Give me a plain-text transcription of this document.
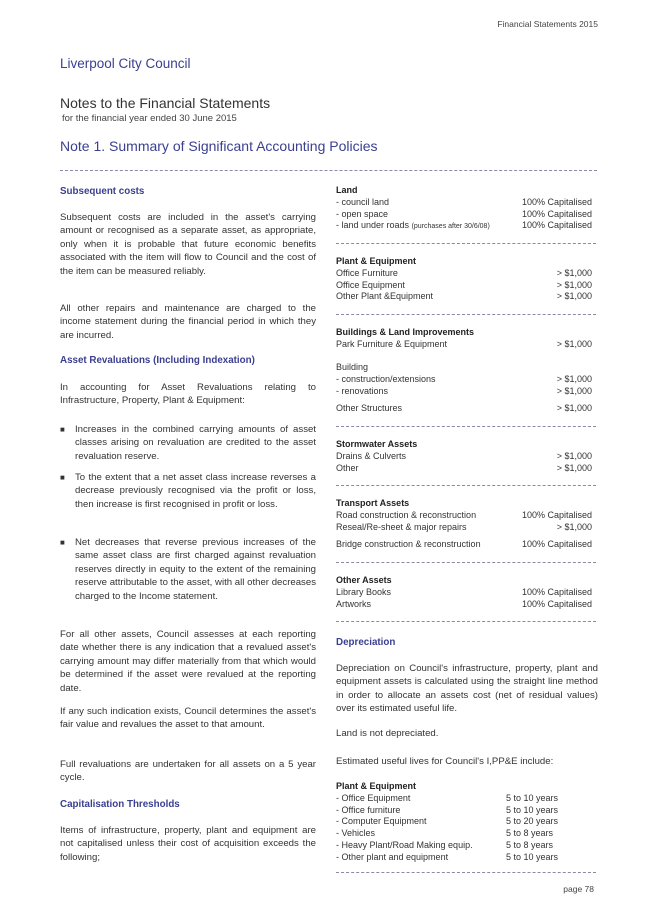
Financial Statements 2015
Liverpool City Council
Notes to the Financial Statements
for the financial year ended 30 June 2015
Note 1. Summary of Significant Accounting Policies
Subsequent costs

Subsequent costs are included in the asset's carrying amount or recognised as a separate asset, as appropriate, only when it is probable that future economic benefits associated with the item will flow to Council and the cost of the item can be measured reliably.

All other repairs and maintenance are charged to the income statement during the financial period in which they are incurred.

Asset Revaluations (Including Indexation)

In accounting for Asset Revaluations relating to Infrastructure, Property, Plant & Equipment:

■ Increases in the combined carrying amounts of asset classes arising on revaluation are credited to the asset revaluation reserve.
■ To the extent that a net asset class increase reverses a decrease previously recognised via the profit or loss, then increase is first recognised in profit or loss.
■ Net decreases that reverse previous increases of the same asset class are first charged against revaluation reserves directly in equity to the extent of the remaining reserve attributable to the asset, with all other decreases charged to the Income statement.

For all other assets, Council assesses at each reporting date whether there is any indication that a revalued asset's carrying amount may differ materially from that which would be determined if the asset were revalued at the reporting date.

If any such indication exists, Council determines the asset's fair value and revalues the asset to that amount.

Full revaluations are undertaken for all assets on a 5 year cycle.

Capitalisation Thresholds

Items of infrastructure, property, plant and equipment are not capitalised unless their cost of acquisition exceeds the following;

Land
- council land	100% Capitalised
- open space	100% Capitalised
- land under roads (purchases after 30/6/08)	100% Capitalised
Plant & Equipment
Office Furniture	> $1,000
Office Equipment	> $1,000
Other Plant &Equipment	> $1,000
Buildings & Land Improvements
Park Furniture & Equipment	> $1,000
Building
- construction/extensions	> $1,000
- renovations	> $1,000
Other Structures	> $1,000
Stormwater Assets
Drains & Culverts	> $1,000
Other	> $1,000
Transport Assets
Road construction & reconstruction	100% Capitalised
Reseal/Re-sheet & major repairs	> $1,000
Bridge construction & reconstruction	100% Capitalised
Other Assets
Library Books	100% Capitalised
Artworks	100% Capitalised
Depreciation

Depreciation on Council's infrastructure, property, plant and equipment assets is calculated using the straight line method in order to allocate an assets cost (net of residual values) over its estimated useful life.

Land is not depreciated.

Estimated useful lives for Council's I,PP&E include:

Plant & Equipment
- Office Equipment	5 to 10 years
- Office furniture	5 to 10 years
- Computer Equipment	5 to 20 years
- Vehicles	5 to 8 years
- Heavy Plant/Road Making equip.	5 to 8 years
- Other plant and equipment	5 to 10 years
page 78
